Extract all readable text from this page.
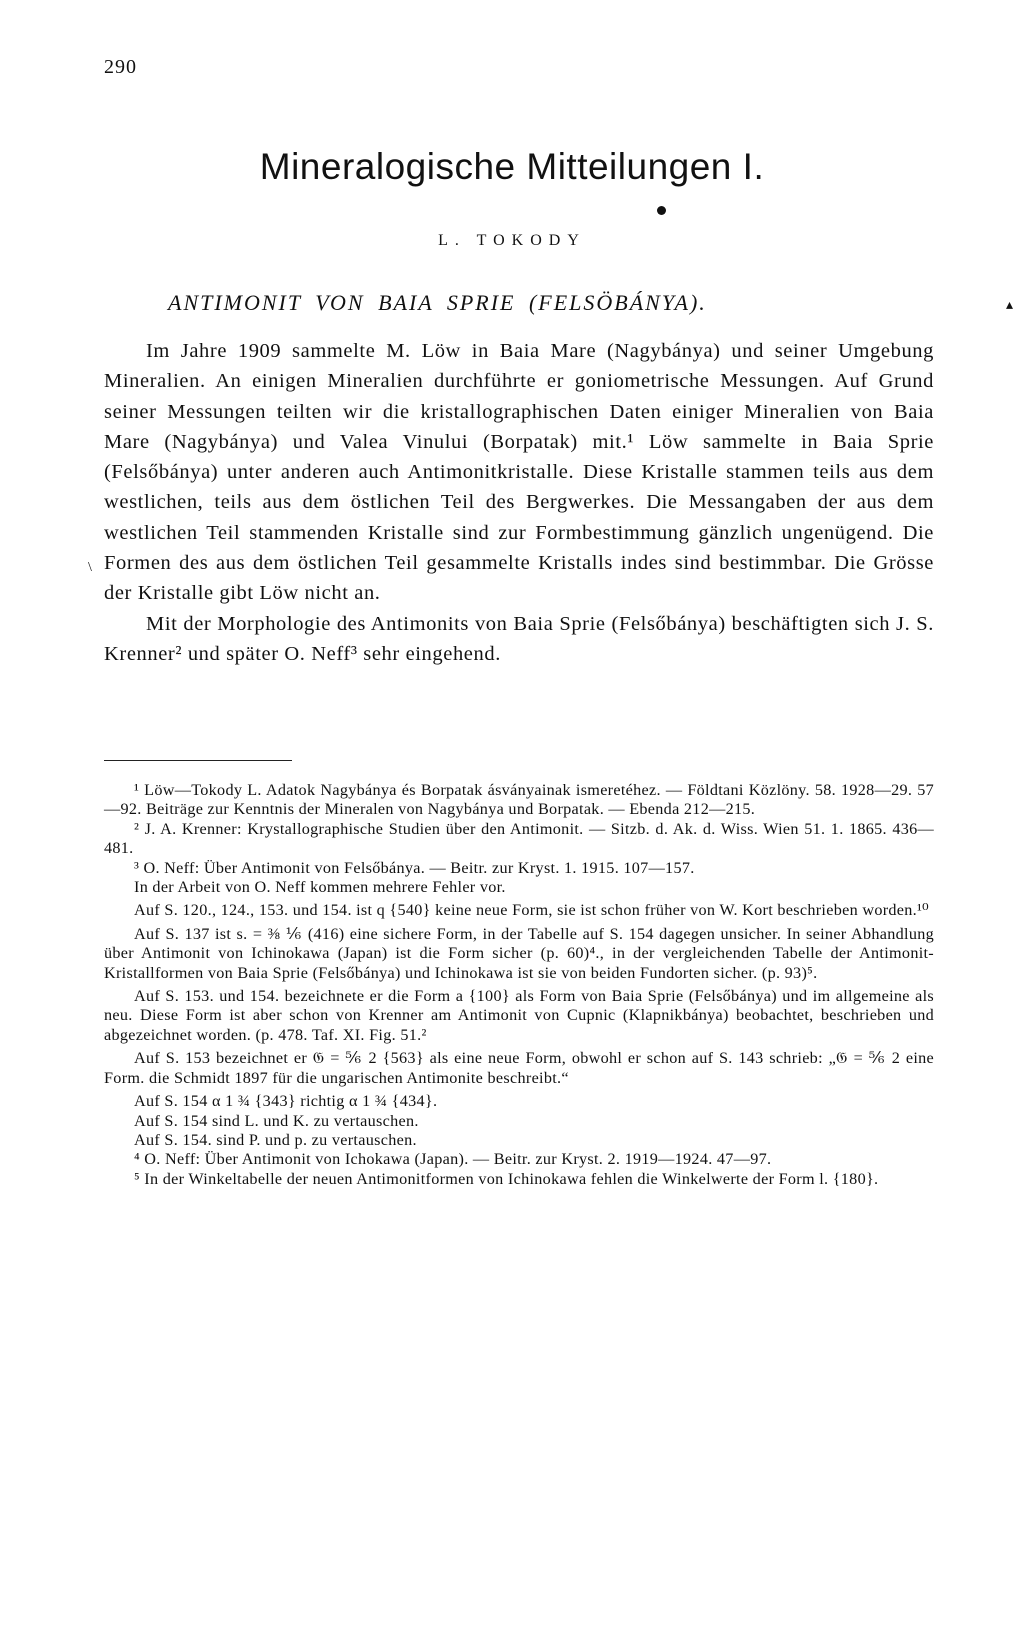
290
Mineralogische Mitteilungen I.
L. TOKODY
▴
\
ANTIMONIT VON BAIA SPRIE (FELSÖBÁNYA).

Im Jahre 1909 sammelte M. Löw in Baia Mare (Nagybánya) und seiner Umgebung Mineralien. An einigen Mineralien durchführte er goniometrische Messungen. Auf Grund seiner Messungen teilten wir die kristallographischen Daten einiger Mineralien von Baia Mare (Nagybánya) und Valea Vinului (Borpatak) mit.¹ Löw sammelte in Baia Sprie (Felsőbánya) unter anderen auch Antimonitkristalle. Diese Kristalle stammen teils aus dem westlichen, teils aus dem östlichen Teil des Bergwerkes. Die Messangaben der aus dem westlichen Teil stammenden Kristalle sind zur Formbestimmung gänzlich ungenügend. Die Formen des aus dem östlichen Teil gesammelte Kristalls indes sind bestimmbar. Die Grösse der Kristalle gibt Löw nicht an.

Mit der Morphologie des Antimonits von Baia Sprie (Felsőbánya) beschäftigten sich J. S. Krenner² und später O. Neff³ sehr eingehend.

¹ Löw—Tokody L. Adatok Nagybánya és Borpatak ásványainak ismeretéhez. — Földtani Közlöny. 58. 1928—29. 57—92. Beiträge zur Kenntnis der Mineralen von Nagybánya und Borpatak. — Ebenda 212—215.

² J. A. Krenner: Krystallographische Studien über den Antimonit. — Sitzb. d. Ak. d. Wiss. Wien 51. 1. 1865. 436—481.

³ O. Neff: Über Antimonit von Felsőbánya. — Beitr. zur Kryst. 1. 1915. 107—157.

In der Arbeit von O. Neff kommen mehrere Fehler vor.

Auf S. 120., 124., 153. und 154. ist q {540} keine neue Form, sie ist schon früher von W. Kort beschrieben worden.¹⁰

Auf S. 137 ist s. = ⅜ ⅙ (416) eine sichere Form, in der Tabelle auf S. 154 dagegen unsicher. In seiner Abhandlung über Antimonit von Ichinokawa (Japan) ist die Form sicher (p. 60)⁴., in der vergleichenden Tabelle der Antimonit-Kristallformen von Baia Sprie (Felsőbánya) und Ichinokawa ist sie von beiden Fundorten sicher. (p. 93)⁵.

Auf S. 153. und 154. bezeichnete er die Form a {100} als Form von Baia Sprie (Felsőbánya) und im allgemeine als neu. Diese Form ist aber schon von Krenner am Antimonit von Cupnic (Klapnikbánya) beobachtet, beschrieben und abgezeichnet worden. (p. 478. Taf. XI. Fig. 51.²

Auf S. 153 bezeichnet er 𝔊 = ⅚ 2 {563} als eine neue Form, obwohl er schon auf S. 143 schrieb: „𝔊 = ⅚ 2 eine Form. die Schmidt 1897 für die ungarischen Antimonite beschreibt.“

Auf S. 154 α 1 ¾ {343} richtig α 1 ¾ {434}.

Auf S. 154 sind L. und K. zu vertauschen.

Auf S. 154. sind P. und p. zu vertauschen.

⁴ O. Neff: Über Antimonit von Ichokawa (Japan). — Beitr. zur Kryst. 2. 1919—1924. 47—97.

⁵ In der Winkeltabelle der neuen Antimonitformen von Ichinokawa fehlen die Winkelwerte der Form l. {180}.
